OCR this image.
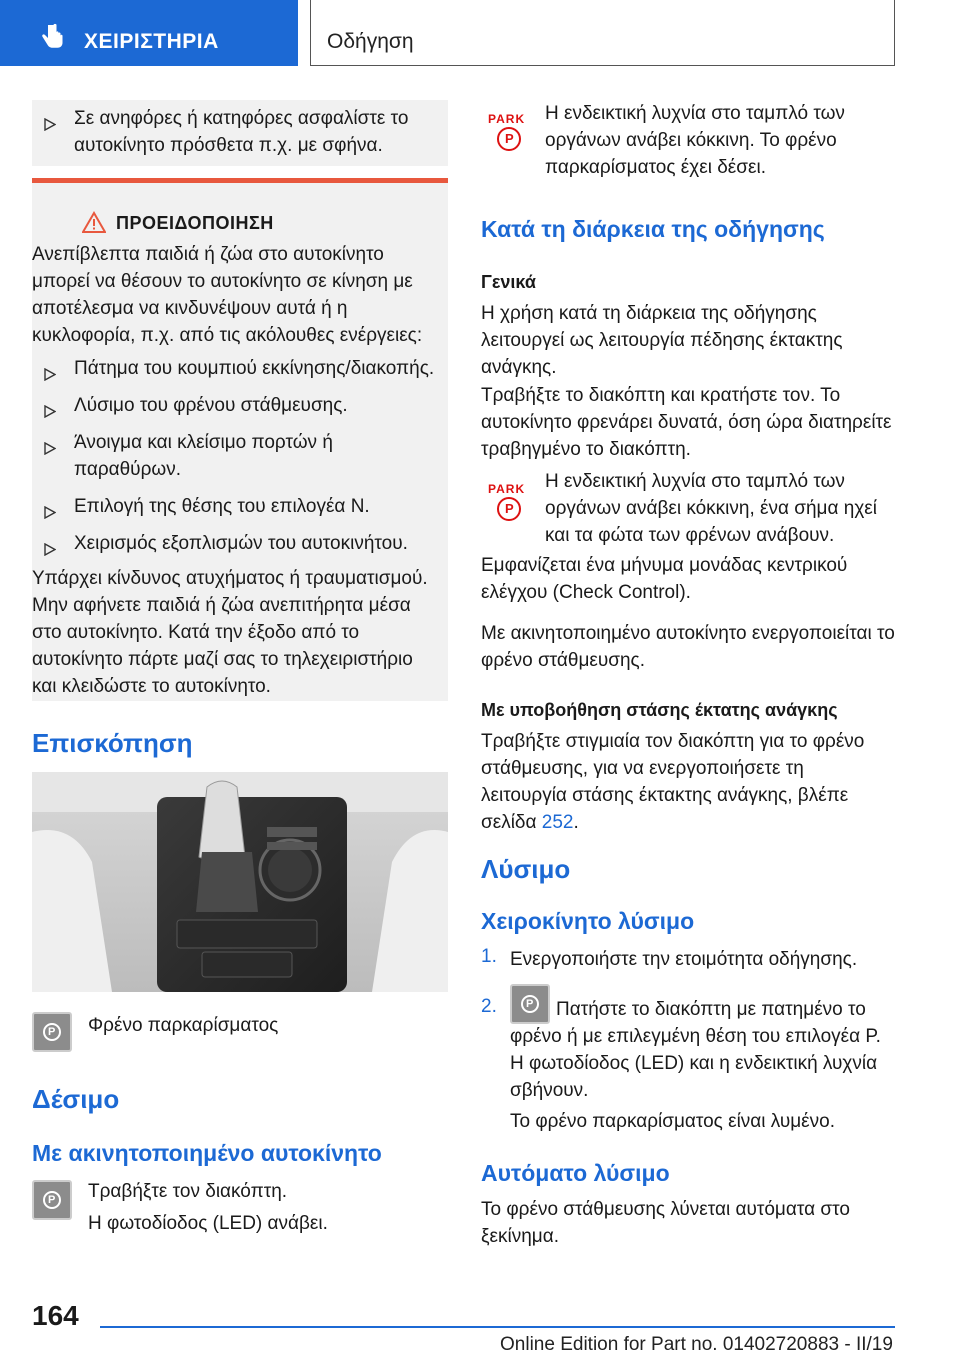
ΧΕΙΡΙΣΤΗΡΙΑ	Οδήγηση
Σε ανηφόρες ή κατηφόρες ασφαλίστε το αυτοκίνητο πρόσθετα π.χ. με σφήνα.
ΠΡΟΕΙΔΟΠΟΙΗΣΗ

Ανεπίβλεπτα παιδιά ή ζώα στο αυτοκίνητο μπορεί να θέσουν το αυτοκίνητο σε κίνηση με αποτέλεσμα να κινδυνέψουν αυτά ή η κυκλοφορία, π.χ. από τις ακόλουθες ενέργειες:

Πάτημα του κουμπιού εκκίνησης/διακοπής.
Λύσιμο του φρένου στάθμευσης.
Άνοιγμα και κλείσιμο πορτών ή παραθύρων.
Επιλογή της θέσης του επιλογέα N.
Χειρισμός εξοπλισμών του αυτοκινήτου.

Υπάρχει κίνδυνος ατυχήματος ή τραυματισμού. Μην αφήνετε παιδιά ή ζώα ανεπιτήρητα μέσα στο αυτοκίνητο. Κατά την έξοδο από το αυτοκίνητο πάρτε μαζί σας το τηλεχειριστήριο και κλειδώστε το αυτοκίνητο.

Επισκόπηση
P Φρένο παρκαρίσματος

Δέσιμο
Με ακινητοποιημένο αυτοκίνητο
P Τραβήξτε τον διακόπτη.

Η φωτοδίοδος (LED) ανάβει.

PARK
P

Η ενδεικτική λυχνία στο ταμπλό των οργάνων ανάβει κόκκινη. Το φρένο παρκαρίσματος έχει δέσει.

Κατά τη διάρκεια της οδήγησης
Γενικά

Η χρήση κατά τη διάρκεια της οδήγησης λειτουργεί ως λειτουργία πέδησης έκτακτης ανάγκης.

Τραβήξτε το διακόπτη και κρατήστε τον. Το αυτοκίνητο φρενάρει δυνατά, όση ώρα διατηρείτε τραβηγμένο το διακόπτη.

PARK
P

Η ενδεικτική λυχνία στο ταμπλό των οργάνων ανάβει κόκκινη, ένα σήμα ηχεί και τα φώτα των φρένων ανάβουν.

Εμφανίζεται ένα μήνυμα μονάδας κεντρικού ελέγχου (Check Control).

Με ακινητοποιημένο αυτοκίνητο ενεργοποιείται το φρένο στάθμευσης.

Με υποβοήθηση στάσης έκτατης ανάγκης

Τραβήξτε στιγμιαία τον διακόπτη για το φρένο στάθμευσης, για να ενεργοποιήσετε τη λειτουργία στάσης έκτακτης ανάγκης, βλέπε σελίδα 252.

Λύσιμο
Χειροκίνητο λύσιμο
1. Ενεργοποιήστε την ετοιμότητα οδήγησης.

2.	P	Πατήστε το διακόπτη με πατημένο το φρένο ή με επιλεγμένη θέση του επιλογέα P.

Η φωτοδίοδος (LED) και η ενδεικτική λυχνία σβήνουν.

Το φρένο παρκαρίσματος είναι λυμένο.

Αυτόματο λύσιμο

Το φρένο στάθμευσης λύνεται αυτόματα στο ξεκίνημα.

164
Online Edition for Part no. 01402720883 - II/19
